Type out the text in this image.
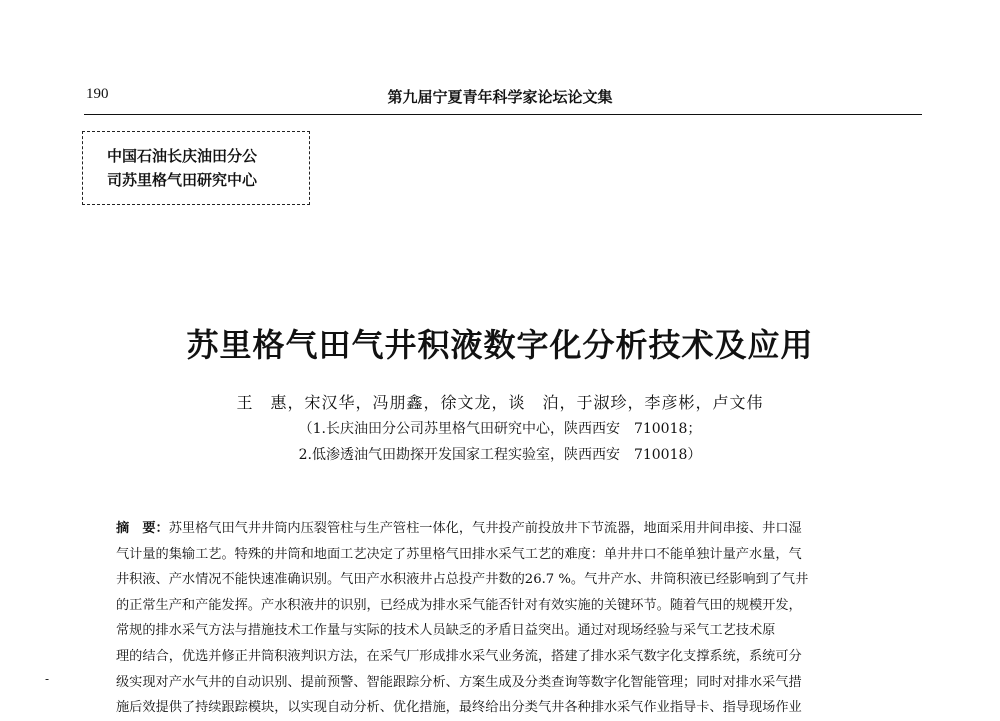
190	第九届宁夏青年科学家论坛论文集
中国石油长庆油田分公
司苏里格气田研究中心
苏里格气田气井积液数字化分析技术及应用
王　惠，宋汉华，冯朋鑫，徐文龙，谈　泊，于淑珍，李彦彬，卢文伟
（1.长庆油田分公司苏里格气田研究中心，陕西西安　710018；
2.低渗透油气田勘探开发国家工程实验室，陕西西安　710018）
摘　要：苏里格气田气井井筒内压裂管柱与生产管柱一体化，气井投产前投放井下节流器，地面采用井间串接、井口湿
气计量的集输工艺。特殊的井筒和地面工艺决定了苏里格气田排水采气工艺的难度：单井井口不能单独计量产水量，气
井积液、产水情况不能快速准确识别。气田产水积液井占总投产井数的26.7 %。气井产水、井筒积液已经影响到了气井
的正常生产和产能发挥。产水积液井的识别，已经成为排水采气能否针对有效实施的关键环节。随着气田的规模开发，
常规的排水采气方法与措施技术工作量与实际的技术人员缺乏的矛盾日益突出。通过对现场经验与采气工艺技术原
理的结合，优选并修正井筒积液判识方法，在采气厂形成排水采气业务流，搭建了排水采气数字化支撑系统，系统可分
级实现对产水气井的自动识别、提前预警、智能跟踪分析、方案生成及分类查询等数字化智能管理；同时对排水采气措
施后效提供了持续跟踪模块，以实现自动分析、优化措施，最终给出分类气井各种排水采气作业指导卡、指导现场作业
-
